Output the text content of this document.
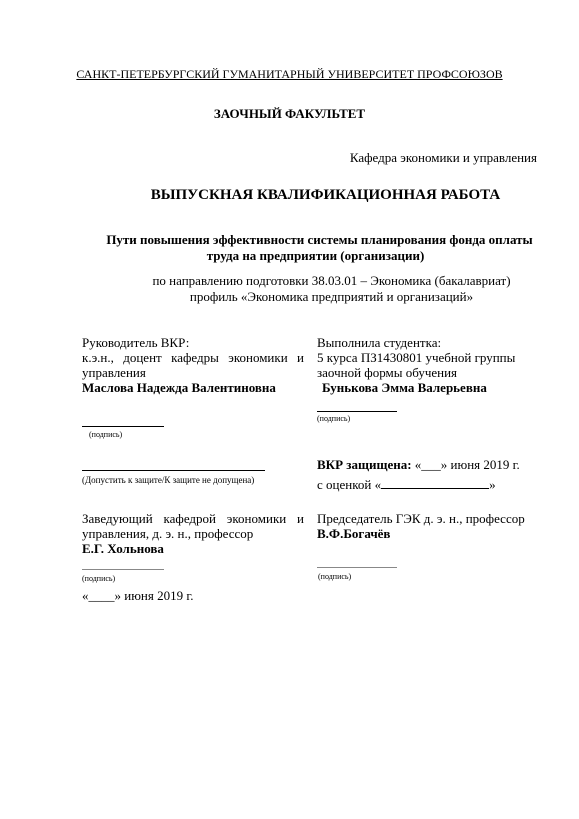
САНКТ-ПЕТЕРБУРГСКИЙ ГУМАНИТАРНЫЙ УНИВЕРСИТЕТ ПРОФСОЮЗОВ
ЗАОЧНЫЙ ФАКУЛЬТЕТ
Кафедра экономики и управления
ВЫПУСКНАЯ КВАЛИФИКАЦИОННАЯ РАБОТА
Пути повышения эффективности системы планирования фонда оплаты
труда на предприятии (организации)
по направлению подготовки 38.03.01 – Экономика (бакалавриат)
профиль «Экономика предприятий и организаций»
Руководитель ВКР:
к.э.н., доцент кафедры экономики и
управления
Маслова Надежда Валентиновна
(подпись)
Выполнила студентка:
5 курса ПЗ1430801 учебной группы
заочной формы обучения
Бунькова Эмма Валерьевна
(подпись)
(Допустить к защите/К защите не допущена)
ВКР защищена: «___» июня 2019 г.
с оценкой «	»
Заведующий кафедрой экономики и
управления, д. э. н., профессор
Е.Г. Хольнова
(подпись)
«____» июня 2019 г.
Председатель ГЭК д. э. н., профессор
В.Ф.Богачёв
(подпись)
